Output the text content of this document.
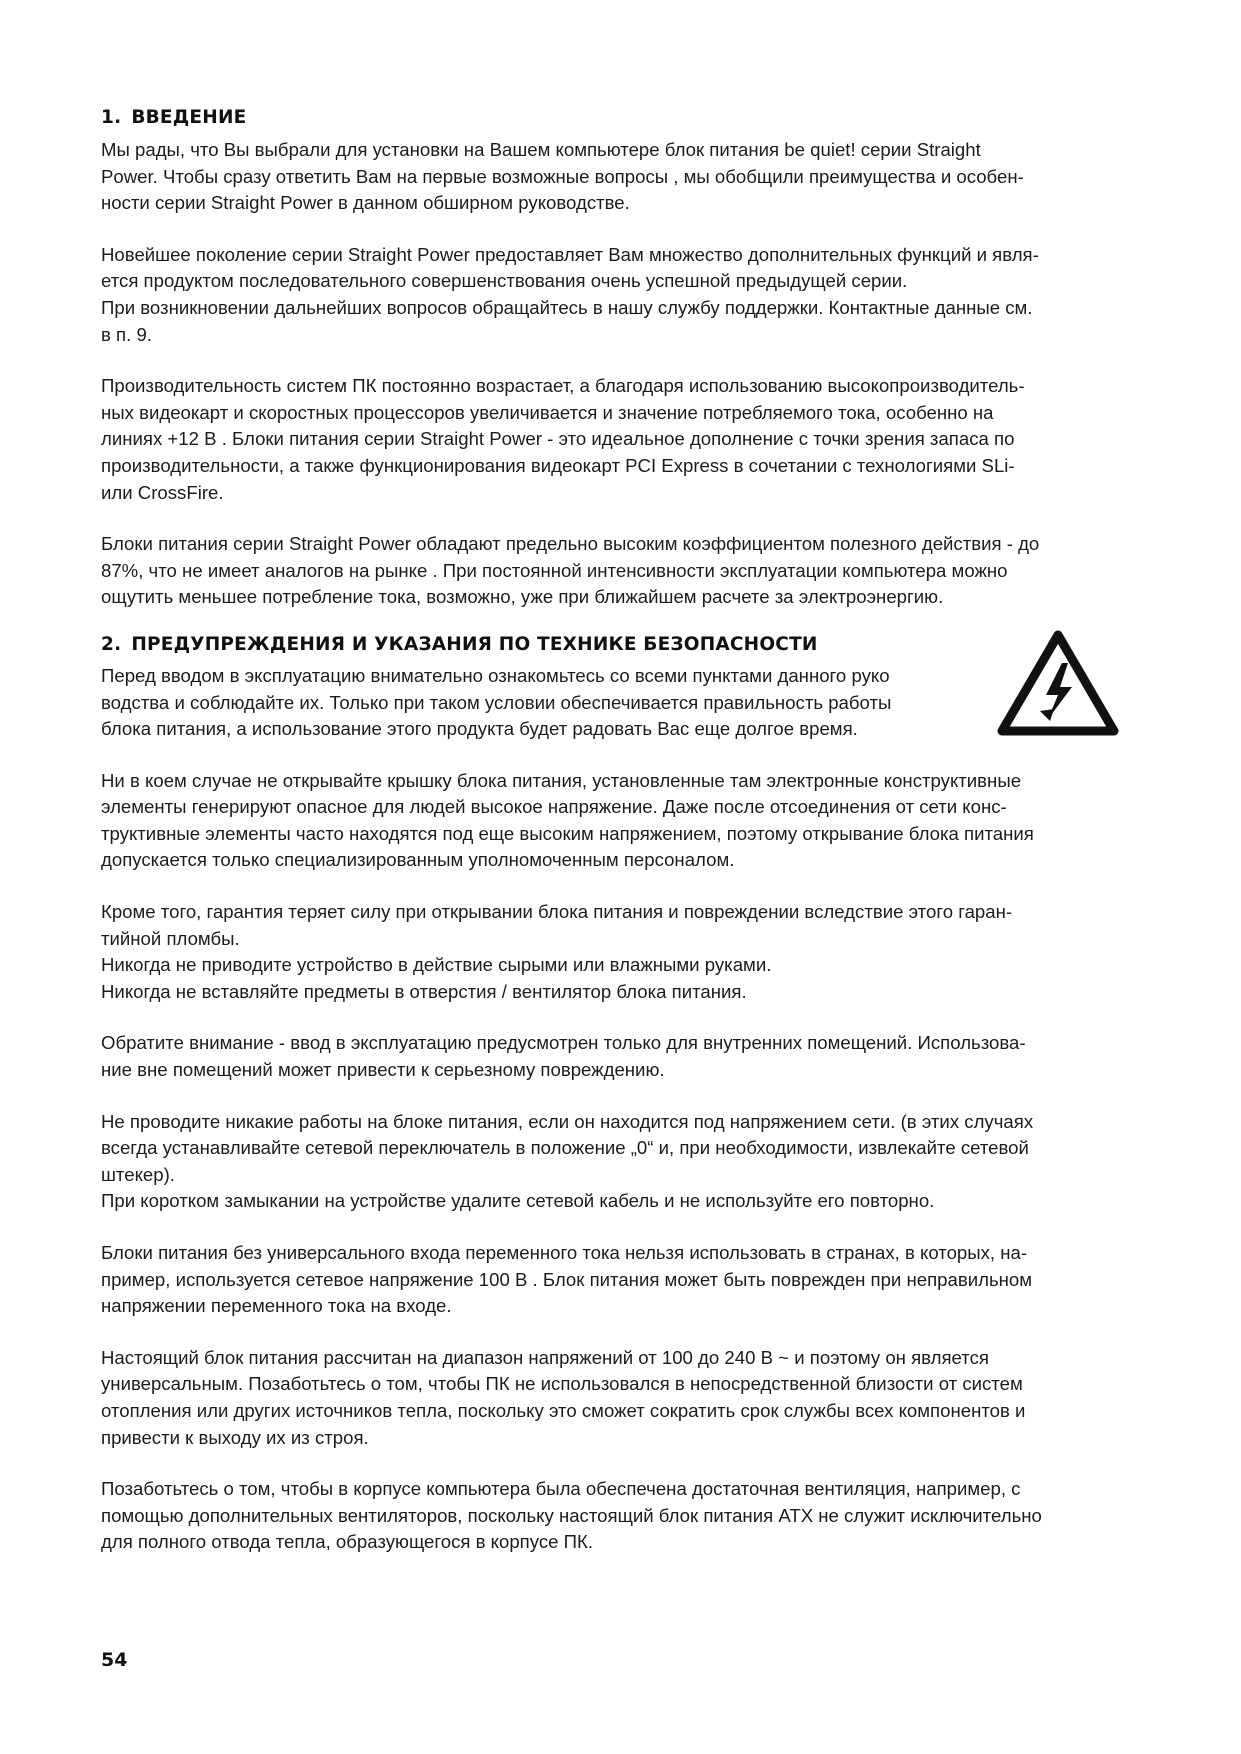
1. ВВЕДЕНИЕ

Мы рады, что Вы выбрали для установки на Вашем компьютере блок питания be quiet! серии Straight
Power. Чтобы сразу ответить Вам на первые возможные вопросы , мы обобщили преимущества и особен-
ности серии Straight Power в данном обширном руководстве.

Новейшее поколение серии Straight Power предоставляет Вам множество дополнительных функций и явля-
ется продуктом последовательного совершенствования очень успешной предыдущей серии.
При возникновении дальнейших вопросов обращайтесь в нашу службу поддержки. Контактные данные см.
в п. 9.

Производительность систем ПК постоянно возрастает, а благодаря использованию высокопроизводитель-
ных видеокарт и скоростных процессоров увеличивается и значение потребляемого тока, особенно на
линиях +12 В . Блоки питания серии Straight Power - это идеальное дополнение с точки зрения запаса по
производительности, а также функционирования видеокарт PCI Express в сочетании с технологиями SLi-
или CrossFire.

Блоки питания серии Straight Power обладают предельно высоким коэффициентом полезного действия - до
87%, что не имеет аналогов на рынке . При постоянной интенсивности эксплуатации компьютера можно
ощутить меньшее потребление тока, возможно, уже при ближайшем расчете за электроэнергию.

2. ПРЕДУПРЕЖДЕНИЯ И УКАЗАНИЯ ПО ТЕХНИКЕ БЕЗОПАСНОСТИ

Перед вводом в эксплуатацию внимательно ознакомьтесь со всеми пунктами данного руко
водства и соблюдайте их. Только при таком условии обеспечивается правильность работы
блока питания, а использование этого продукта будет радовать Вас еще долгое время.

Ни в коем случае не открывайте крышку блока питания, установленные там электронные конструктивные
элементы генерируют опасное для людей высокое напряжение. Даже после отсоединения от сети конс-
труктивные элементы часто находятся под еще высоким напряжением, поэтому открывание блока питания
допускается только специализированным уполномоченным персоналом.

Кроме того, гарантия теряет силу при открывании блока питания и повреждении вследствие этого гаран-
тийной пломбы.
Никогда не приводите устройство в действие сырыми или влажными руками.
Никогда не вставляйте предметы в отверстия / вентилятор блока питания.

Обратите внимание - ввод в эксплуатацию предусмотрен только для внутренних помещений. Использова-
ние вне помещений может привести к серьезному повреждению.

Не проводите никакие работы на блоке питания, если он находится под напряжением сети. (в этих случаях
всегда устанавливайте сетевой переключатель в положение „0“ и, при необходимости, извлекайте сетевой
штекер).
При коротком замыкании на устройстве удалите сетевой кабель и не используйте его повторно.

Блоки питания без универсального входа переменного тока нельзя использовать в странах, в которых, на-
пример, используется сетевое напряжение 100 В . Блок питания может быть поврежден при неправильном
напряжении переменного тока на входе.

Настоящий блок питания рассчитан на диапазон напряжений от 100 до 240 В ~ и поэтому он является
универсальным. Позаботьтесь о том, чтобы ПК не использовался в непосредственной близости от систем
отопления или других источников тепла, поскольку это сможет сократить срок службы всех компонентов и
привести к выходу их из строя.

Позаботьтесь о том, чтобы в корпусе компьютера была обеспечена достаточная вентиляция, например, с
помощью дополнительных вентиляторов, поскольку настоящий блок питания ATX не служит исключительно
для полного отвода тепла, образующегося в корпусе ПК.

54
